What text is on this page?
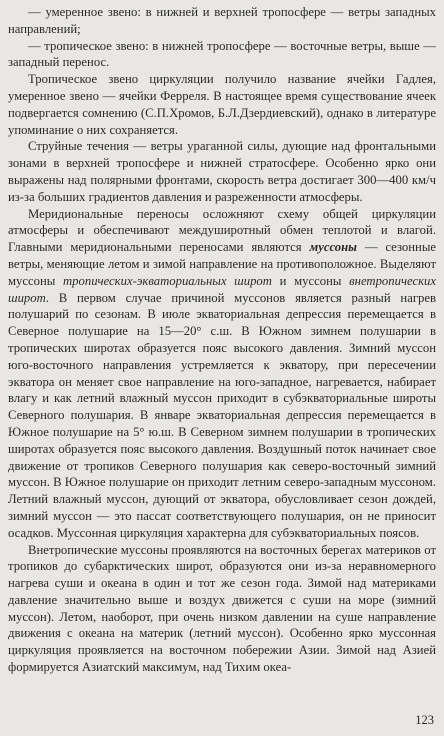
— умеренное звено: в нижней и верхней тропосфере — ветры западных направлений;

— тропическое звено: в нижней тропосфере — восточные ветры, выше — западный перенос.

Тропическое звено циркуляции получило название ячейки Гадлея, умеренное звено — ячейки Ферреля. В настоящее время существование ячеек подвергается сомнению (С.П.Хромов, Б.Л.Дзердиевский), однако в литературе упоминание о них сохраняется.

Струйные течения — ветры ураганной силы, дующие над фронтальными зонами в верхней тропосфере и нижней стратосфере. Особенно ярко они выражены над полярными фронтами, скорость ветра достигает 300—400 км/ч из-за больших градиентов давления и разреженности атмосферы.

Меридиональные переносы осложняют схему общей циркуляции атмосферы и обеспечивают междуширотный обмен теплотой и влагой. Главными меридиональными переносами являются муссоны — сезонные ветры, меняющие летом и зимой направление на противоположное. Выделяют муссоны тропических-экваториальных широт и муссоны внетропических широт. В первом случае причиной муссонов является разный нагрев полушарий по сезонам. В июле экваториальная депрессия перемещается в Северное полушарие на 15—20° с.ш. В Южном зимнем полушарии в тропических широтах образуется пояс высокого давления. Зимний муссон юго-восточного направления устремляется к экватору, при пересечении экватора он меняет свое направление на юго-западное, нагревается, набирает влагу и как летний влажный муссон приходит в субэкваториальные широты Северного полушария. В январе экваториальная депрессия перемещается в Южное полушарие на 5° ю.ш. В Северном зимнем полушарии в тропических широтах образуется пояс высокого давления. Воздушный поток начинает свое движение от тропиков Северного полушария как северо-восточный зимний муссон. В Южное полушарие он приходит летним северо-западным муссоном. Летний влажный муссон, дующий от экватора, обусловливает сезон дождей, зимний муссон — это пассат соответствующего полушария, он не приносит осадков. Муссонная циркуляция характерна для субэкваториальных поясов.

Внетропические муссоны проявляются на восточных берегах материков от тропиков до субарктических широт, образуются они из-за неравномерного нагрева суши и океана в один и тот же сезон года. Зимой над материками давление значительно выше и воздух движется с суши на море (зимний муссон). Летом, наоборот, при очень низком давлении на суше направление движения с океана на материк (летний муссон). Особенно ярко муссонная циркуляция проявляется на восточном побережии Азии. Зимой над Азией формируется Азиатский максимум, над Тихим океа-

123
